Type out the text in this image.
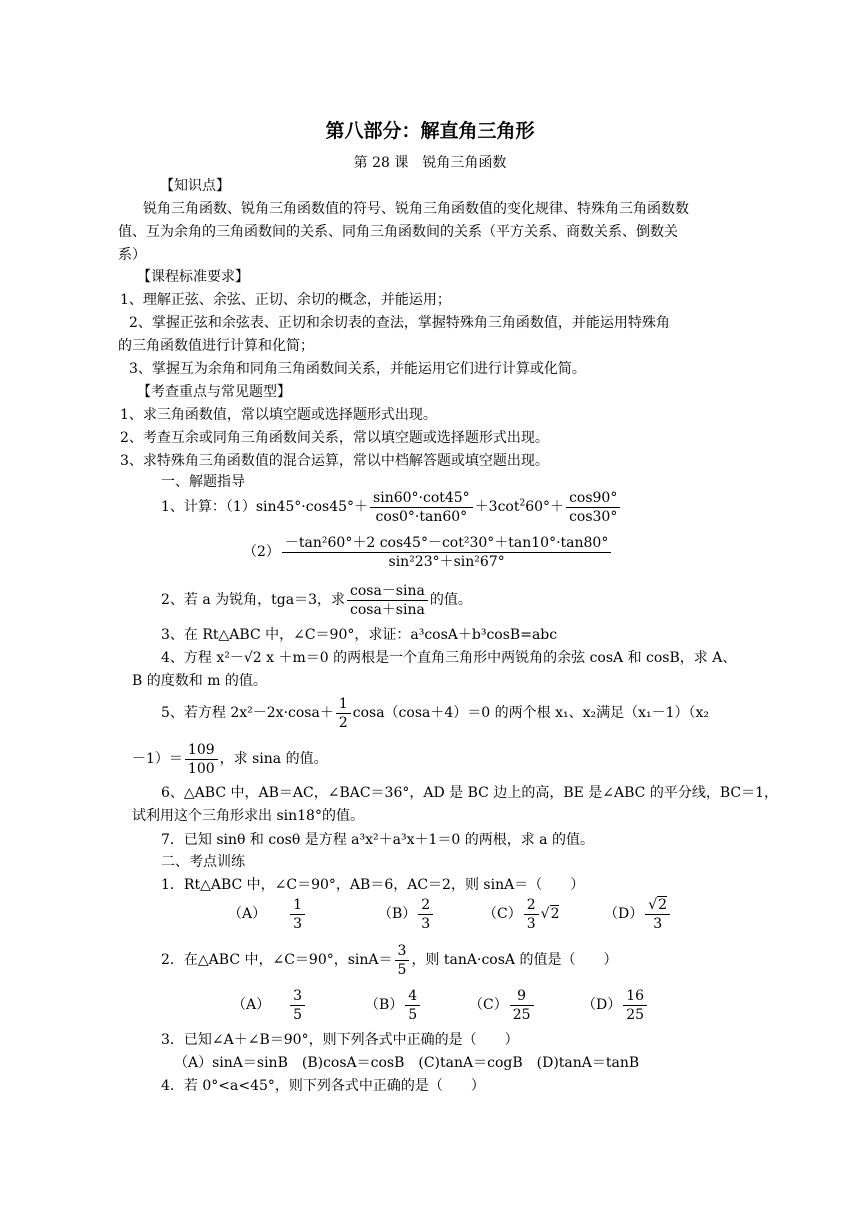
第八部分：解直角三角形
第 28 课　锐角三角函数
【知识点】
锐角三角函数、锐角三角函数值的符号、锐角三角函数值的变化规律、特殊角三角函数数
值、互为余角的三角函数间的关系、同角三角函数间的关系（平方关系、商数关系、倒数关
系）
【课程标准要求】
1、理解正弦、余弦、正切、余切的概念，并能运用；
2、掌握正弦和余弦表、正切和余切表的查法，掌握特殊角三角函数值，并能运用特殊角
的三角函数值进行计算和化简；
3、掌握互为余角和同角三角函数间关系，并能运用它们进行计算或化简。
【考查重点与常见题型】
1、求三角函数值，常以填空题或选择题形式出现。
2、考查互余或同角三角函数间关系，常以填空题或选择题形式出现。
3、求特殊角三角函数值的混合运算，常以中档解答题或填空题出现。
一、解题指导
1、计算：$(1)\sin 45^\circ\cdot\cos 45^\circ+ \frac{\sin 60^\circ\cdot\cot 45^\circ}{\cos 0^\circ\cdot\tan 60^\circ} +3\cot^260^\circ+ \frac{\cos 90^\circ}{\cos 30^\circ}$
$(2) \frac{\text{－tan²60°＋2 cos45°－cot²30°＋tan10°·tan80°}}{\text{sin²23°＋sin²67°}}$
2、若 a 为锐角，tga＝3，求 $\frac{\cos a-\sin a}{\cos a+\sin a}$ 的值。
3、在 Rt△ABC 中，∠C＝90°，求证：a³cosA＋b³cosB=abc
4、方程 x²－√2 x ＋m＝0 的两根是一个直角三角形中两锐角的余弦 cosA 和 cosB，求 A、
B 的度数和 m 的值。
5、若方程 $2x^2-2x\cdot\cos a+ \frac{1}{2} \cos a(\cos a+4)=0$ 的两个根 x₁、x₂满足（x₁－1）（x₂
$-1)= \frac{109}{100}$ ，求 sina 的值。
6、△ABC 中，AB＝AC，∠BAC＝36°，AD 是 BC 边上的高，BE 是∠ABC 的平分线，BC＝1，
试利用这个三角形求出 sin18°的值。
7．已知 sinθ 和 cosθ 是方程 a³x²＋a³x＋1＝0 的两根，求 a 的值。
二、考点训练
1．Rt△ABC 中，∠C＝90°，AB＝6，AC＝2，则 sinA＝（　　）
$(A) \frac{1}{3}$	$(B) \frac{2}{3}$	$(C) \frac{2}{3} √2$	$(D) \frac{√2}{3}$
2．在△ABC 中，∠C＝90°，$\sin A= \frac{3}{5}$ ，则 tanA·cosA 的值是（　　）
$(A) \frac{3}{5}$	$(B) \frac{4}{5}$	$(C) \frac{9}{25}$	$(D) \frac{16}{25}$
3．已知∠A＋∠B＝90°，则下列各式中正确的是（　　）
（A）sinA＝sinB　(B)cosA＝cosB　(C)tanA＝cogB　(D)tanA＝tanB
4．若 0°<a<45°，则下列各式中正确的是（　　）
